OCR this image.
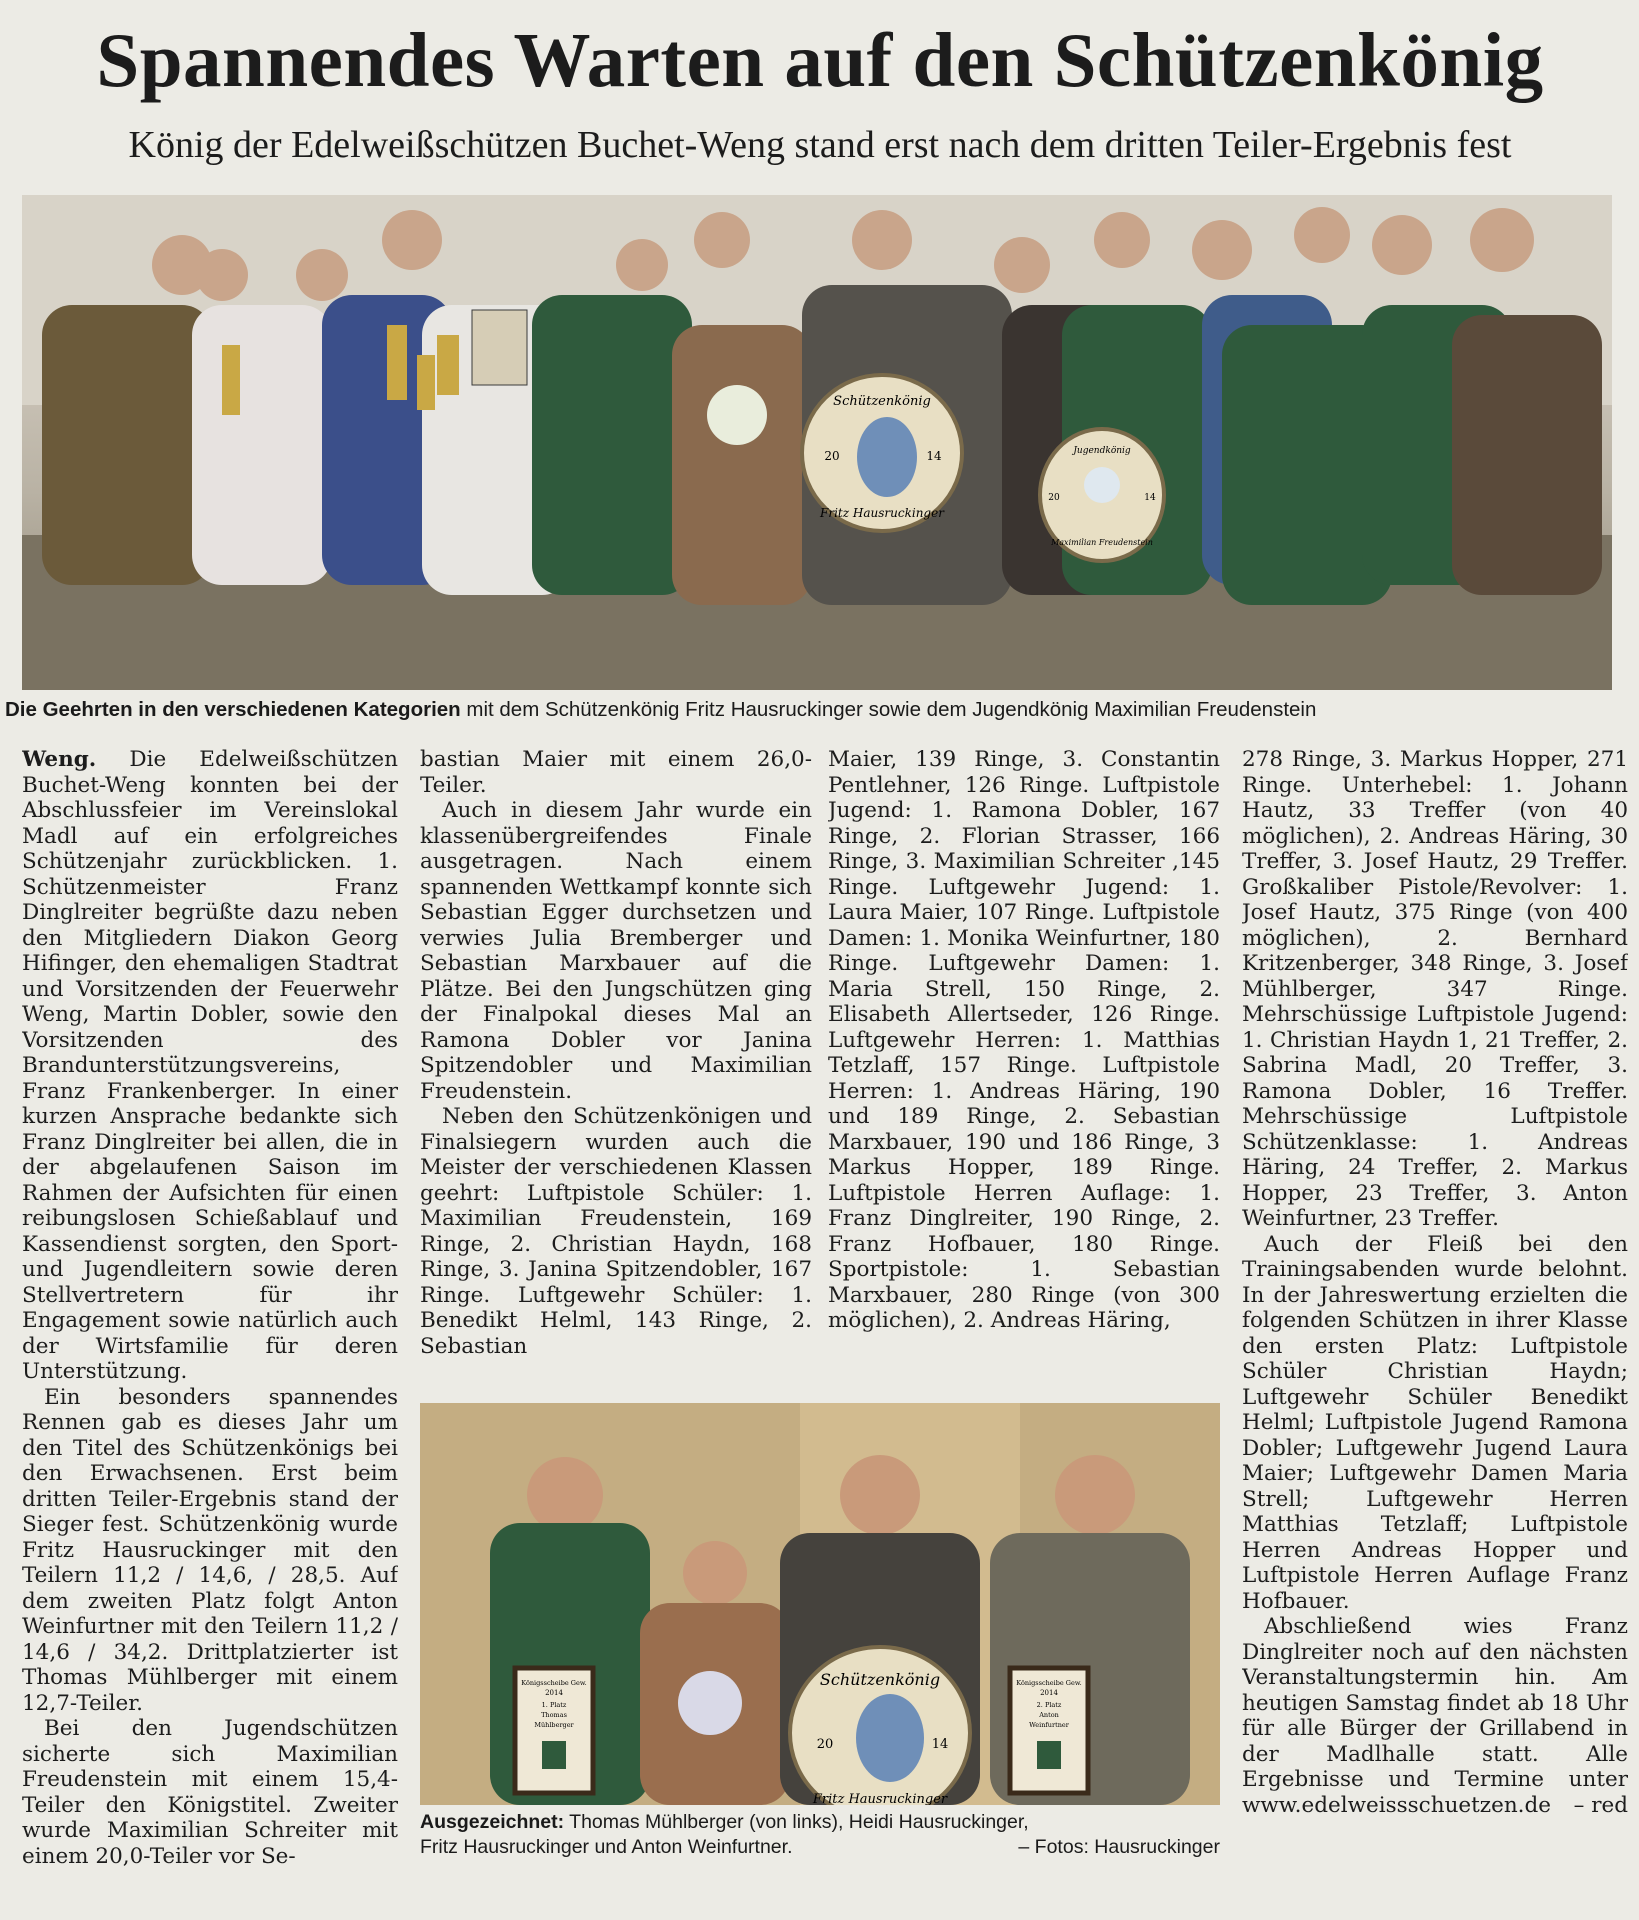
Spannendes Warten auf den Schützenkönig
König der Edelweißschützen Buchet-Weng stand erst nach dem dritten Teiler-Ergebnis fest
Schützenkönig
20	14
Fritz Hausruckinger
Jugendkönig
20	14
Maximilian Freudenstein
Die Geehrten in den verschiedenen Kategorien mit dem Schützenkönig Fritz Hausruckinger sowie dem Jugendkönig Maximilian Freudenstein

Weng. Die Edelweißschützen Buchet-Weng konnten bei der Abschlussfeier im Vereinslokal Madl auf ein erfolgreiches Schützenjahr zurückblicken. 1. Schützenmeister Franz Dinglreiter begrüßte dazu neben den Mitgliedern Diakon Georg Hifinger, den ehemaligen Stadtrat und Vorsitzenden der Feuerwehr Weng, Martin Dobler, sowie den Vorsitzenden des Brandunterstützungsvereins, Franz Frankenberger. In einer kurzen Ansprache bedankte sich Franz Dinglreiter bei allen, die in der abgelaufenen Saison im Rahmen der Aufsichten für einen reibungslosen Schießablauf und Kassendienst sorgten, den Sport- und Jugendleitern sowie deren Stellvertretern für ihr Engagement sowie natürlich auch der Wirtsfamilie für deren Unterstützung.

Ein besonders spannendes Rennen gab es dieses Jahr um den Titel des Schützenkönigs bei den Erwachsenen. Erst beim dritten Teiler-Ergebnis stand der Sieger fest. Schützenkönig wurde Fritz Hausruckinger mit den Teilern 11,2 / 14,6, / 28,5. Auf dem zweiten Platz folgt Anton Weinfurtner mit den Teilern 11,2 / 14,6 / 34,2. Drittplatzierter ist Thomas Mühlberger mit einem 12,7-Teiler.

Bei den Jugendschützen sicherte sich Maximilian Freudenstein mit einem 15,4-Teiler den Königstitel. Zweiter wurde Maximilian Schreiter mit einem 20,0-Teiler vor Se-

bastian Maier mit einem 26,0-Teiler.

Auch in diesem Jahr wurde ein klassenübergreifendes Finale ausgetragen. Nach einem spannenden Wettkampf konnte sich Sebastian Egger durchsetzen und verwies Julia Bremberger und Sebastian Marxbauer auf die Plätze. Bei den Jungschützen ging der Finalpokal dieses Mal an Ramona Dobler vor Janina Spitzendobler und Maximilian Freudenstein.

Neben den Schützenkönigen und Finalsiegern wurden auch die Meister der verschiedenen Klassen geehrt: Luftpistole Schüler: 1. Maximilian Freudenstein, 169 Ringe, 2. Christian Haydn, 168 Ringe, 3. Janina Spitzendobler, 167 Ringe. Luftgewehr Schüler: 1. Benedikt Helml, 143 Ringe, 2. Sebastian

Maier, 139 Ringe, 3. Constantin Pentlehner, 126 Ringe. Luftpistole Jugend: 1. Ramona Dobler, 167 Ringe, 2. Florian Strasser, 166 Ringe, 3. Maximilian Schreiter ,145 Ringe. Luftgewehr Jugend: 1. Laura Maier, 107 Ringe. Luftpistole Damen: 1. Monika Weinfurtner, 180 Ringe. Luftgewehr Damen: 1. Maria Strell, 150 Ringe, 2. Elisabeth Allertseder, 126 Ringe. Luftgewehr Herren: 1. Matthias Tetzlaff, 157 Ringe. Luftpistole Herren: 1. Andreas Häring, 190 und 189 Ringe, 2. Sebastian Marxbauer, 190 und 186 Ringe, 3 Markus Hopper, 189 Ringe. Luftpistole Herren Auflage: 1. Franz Dinglreiter, 190 Ringe, 2. Franz Hofbauer, 180 Ringe. Sportpistole: 1. Sebastian Marxbauer, 280 Ringe (von 300 möglichen), 2. Andreas Häring,

278 Ringe, 3. Markus Hopper, 271 Ringe. Unterhebel: 1. Johann Hautz, 33 Treffer (von 40 möglichen), 2. Andreas Häring, 30 Treffer, 3. Josef Hautz, 29 Treffer. Großkaliber Pistole/Revolver: 1. Josef Hautz, 375 Ringe (von 400 möglichen), 2. Bernhard Kritzenberger, 348 Ringe, 3. Josef Mühlberger, 347 Ringe. Mehrschüssige Luftpistole Jugend: 1. Christian Haydn 1, 21 Treffer, 2. Sabrina Madl, 20 Treffer, 3. Ramona Dobler, 16 Treffer. Mehrschüssige Luftpistole Schützenklasse: 1. Andreas Häring, 24 Treffer, 2. Markus Hopper, 23 Treffer, 3. Anton Weinfurtner, 23 Treffer.

Auch der Fleiß bei den Trainingsabenden wurde belohnt. In der Jahreswertung erzielten die folgenden Schützen in ihrer Klasse den ersten Platz: Luftpistole Schüler Christian Haydn; Luftgewehr Schüler Benedikt Helml; Luftpistole Jugend Ramona Dobler; Luftgewehr Jugend Laura Maier; Luftgewehr Damen Maria Strell; Luftgewehr Herren Matthias Tetzlaff; Luftpistole Herren Andreas Hopper und Luftpistole Herren Auflage Franz Hofbauer.

Abschließend wies Franz Dinglreiter noch auf den nächsten Veranstaltungstermin hin. Am heutigen Samstag findet ab 18 Uhr für alle Bürger der Grillabend in der Madlhalle statt. Alle Ergebnisse und Termine unter www.edelweissschuetzen.de	– red

Schützenkönig
20	14
Fritz Hausruckinger
Königsscheibe Gew.
2014
1. Platz
Thomas
Mühlberger
Königsscheibe Gew.
2014
2. Platz
Anton
Weinfurtner
Ausgezeichnet: Thomas Mühlberger (von links), Heidi Hausruckinger,
Fritz Hausruckinger und Anton Weinfurtner.	– Fotos: Hausruckinger
